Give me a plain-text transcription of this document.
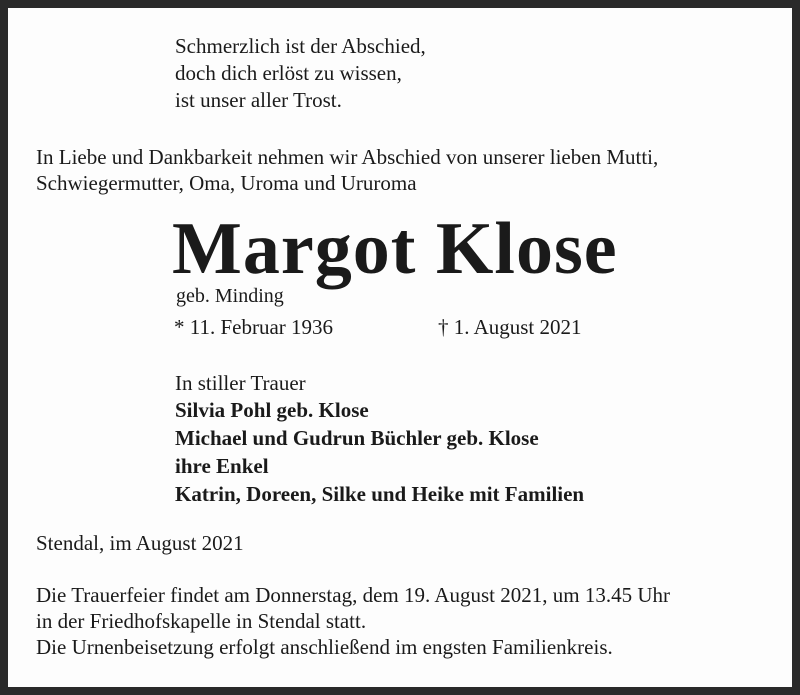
Schmerzlich ist der Abschied,
doch dich erlöst zu wissen,
ist unser aller Trost.
In Liebe und Dankbarkeit nehmen wir Abschied von unserer lieben Mutti,
Schwiegermutter, Oma, Uroma und Ururoma
Margot Klose
geb. Minding
* 11. Februar 1936	† 1. August 2021
In stiller Trauer
Silvia Pohl geb. Klose
Michael und Gudrun Büchler geb. Klose
ihre Enkel
Katrin, Doreen, Silke und Heike mit Familien
Stendal, im August 2021
Die Trauerfeier findet am Donnerstag, dem 19. August 2021, um 13.45 Uhr
in der Friedhofskapelle in Stendal statt.
Die Urnenbeisetzung erfolgt anschließend im engsten Familienkreis.
